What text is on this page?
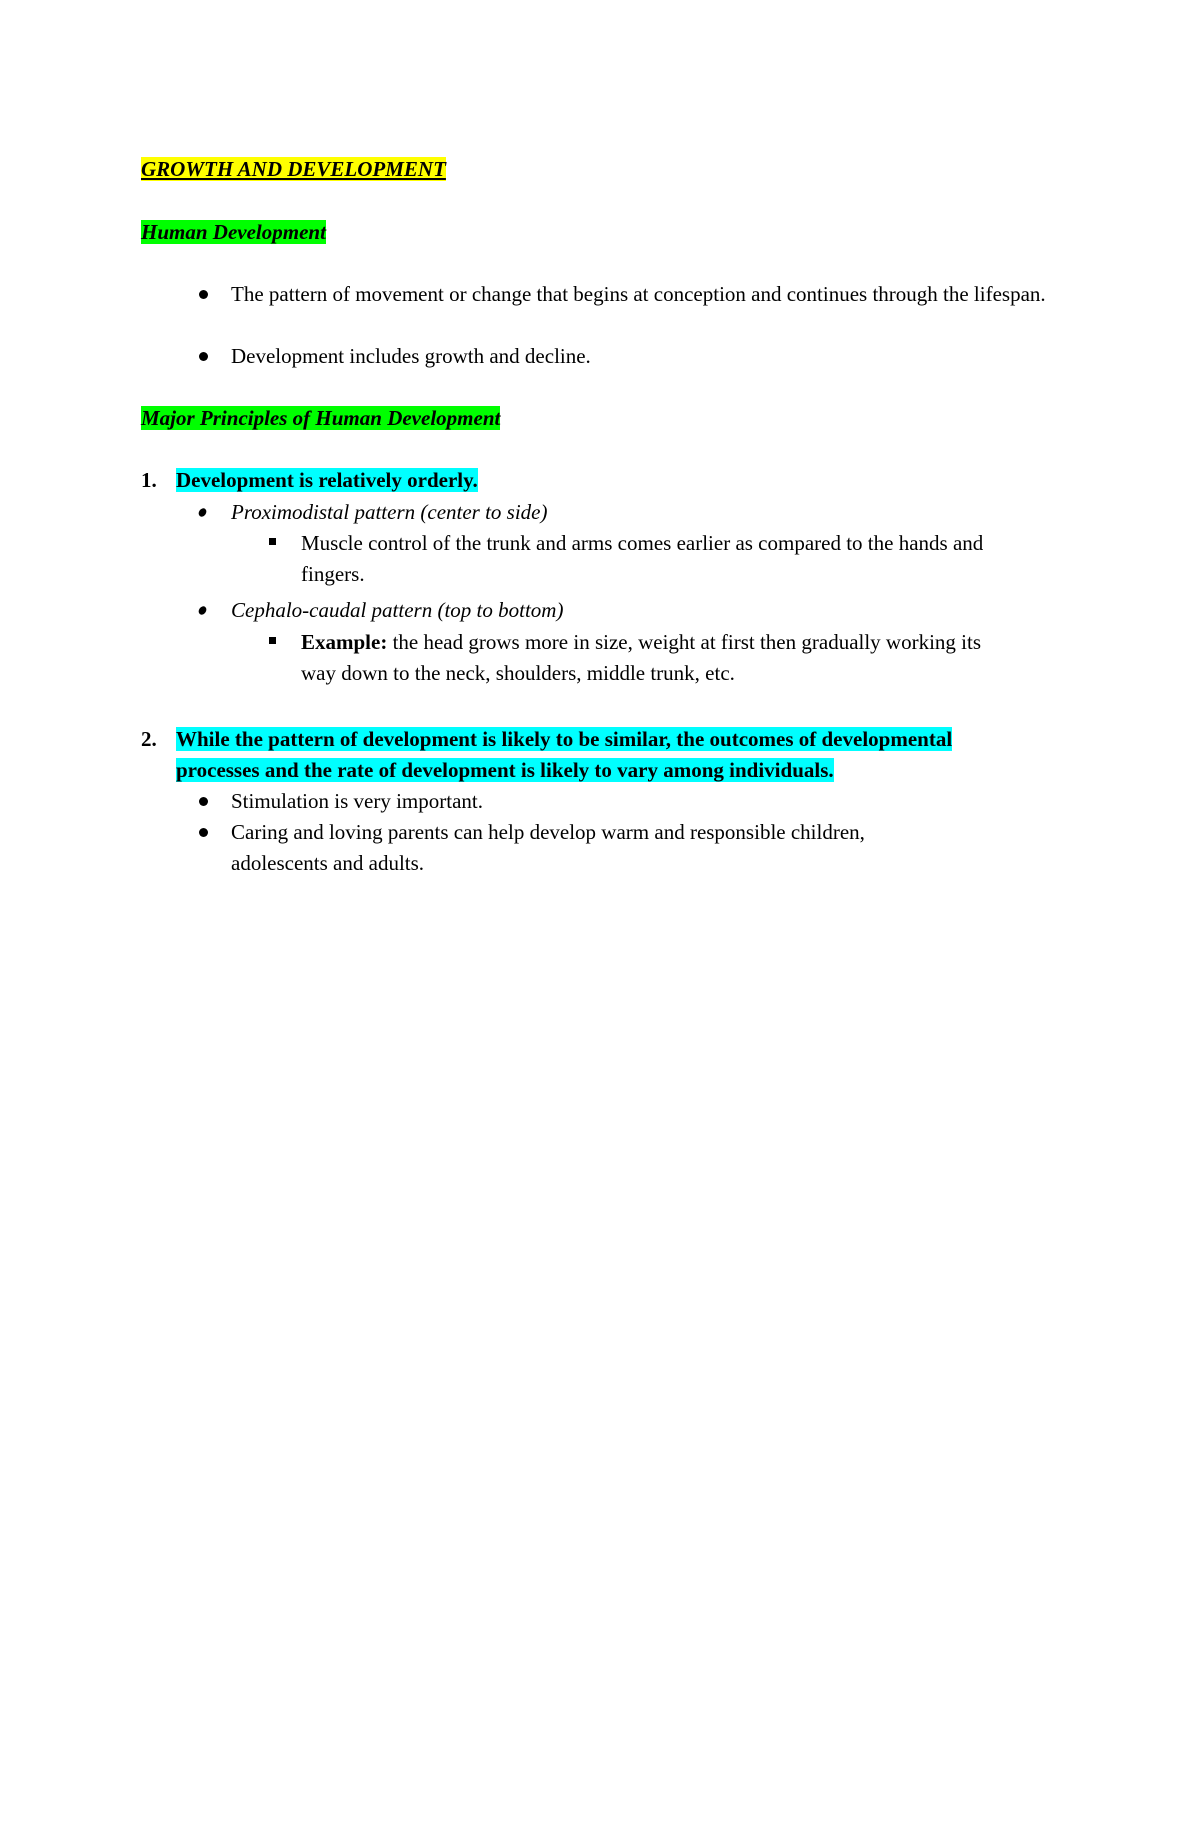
GROWTH AND DEVELOPMENT
Human Development
The pattern of movement or change that begins at conception and continues through the lifespan.
Development includes growth and decline.
Major Principles of Human Development
1. Development is relatively orderly.
Proximodistal pattern (center to side)
Muscle control of the trunk and arms comes earlier as compared to the hands and fingers.
Cephalo-caudal pattern (top to bottom)
Example: the head grows more in size, weight at first then gradually working its way down to the neck, shoulders, middle trunk, etc.
2. While the pattern of development is likely to be similar, the outcomes of developmental
processes and the rate of development is likely to vary among individuals.
Stimulation is very important.
Caring and loving parents can help develop warm and responsible children, adolescents and adults.
